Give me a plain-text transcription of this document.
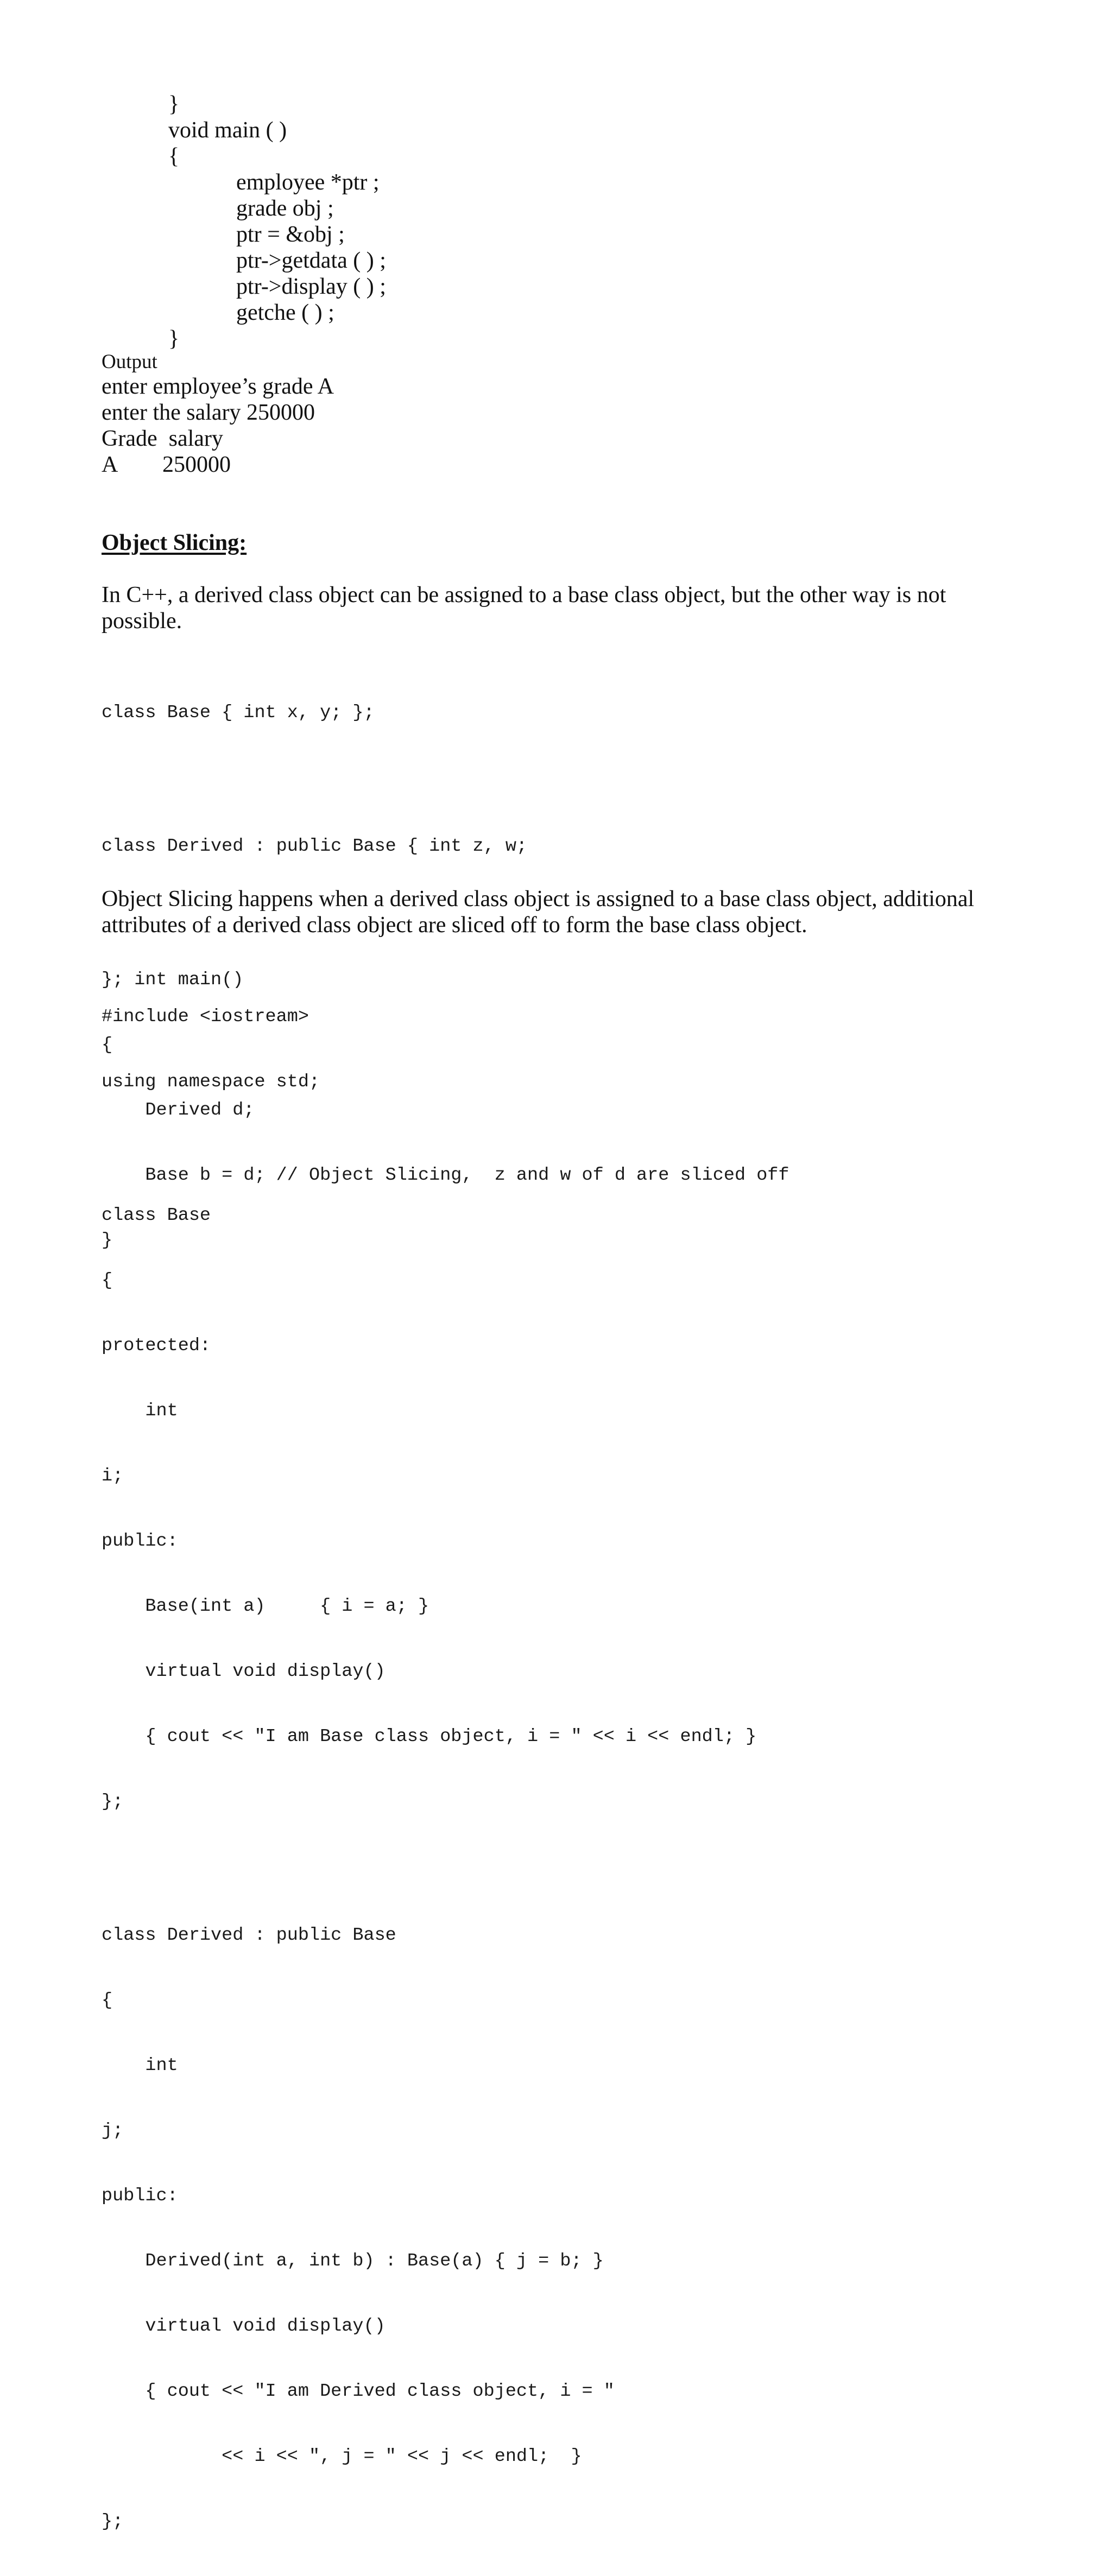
}

void main ( )

{

employee *ptr ;

grade obj ;

ptr = &obj ;

ptr->getdata ( ) ;

ptr->display ( ) ;

getche ( ) ;

}

Output

enter employee’s grade A

enter the salary 250000

Grade  salary

A        250000

Object Slicing:

In C++, a derived class object can be assigned to a base class object, but the other way is not possible.

class Base { int x, y; };

class Derived : public Base { int z, w;

}; int main()

{

Derived d;

Base b = d; // Object Slicing,  z and w of d are sliced off

}

Object Slicing happens when a derived class object is assigned to a base class object, additional attributes of a derived class object are sliced off to form the base class object.

#include <iostream>

using namespace std;

class Base

{

protected:

int

i;

public:

Base(int a)     { i = a; }

virtual void display()

{ cout << "I am Base class object, i = " << i << endl; }

};

class Derived : public Base

{

int

j;

public:

Derived(int a, int b) : Base(a) { j = b; }

virtual void display()

{ cout << "I am Derived class object, i = "

<< i << ", j = " << j << endl;  }

};
